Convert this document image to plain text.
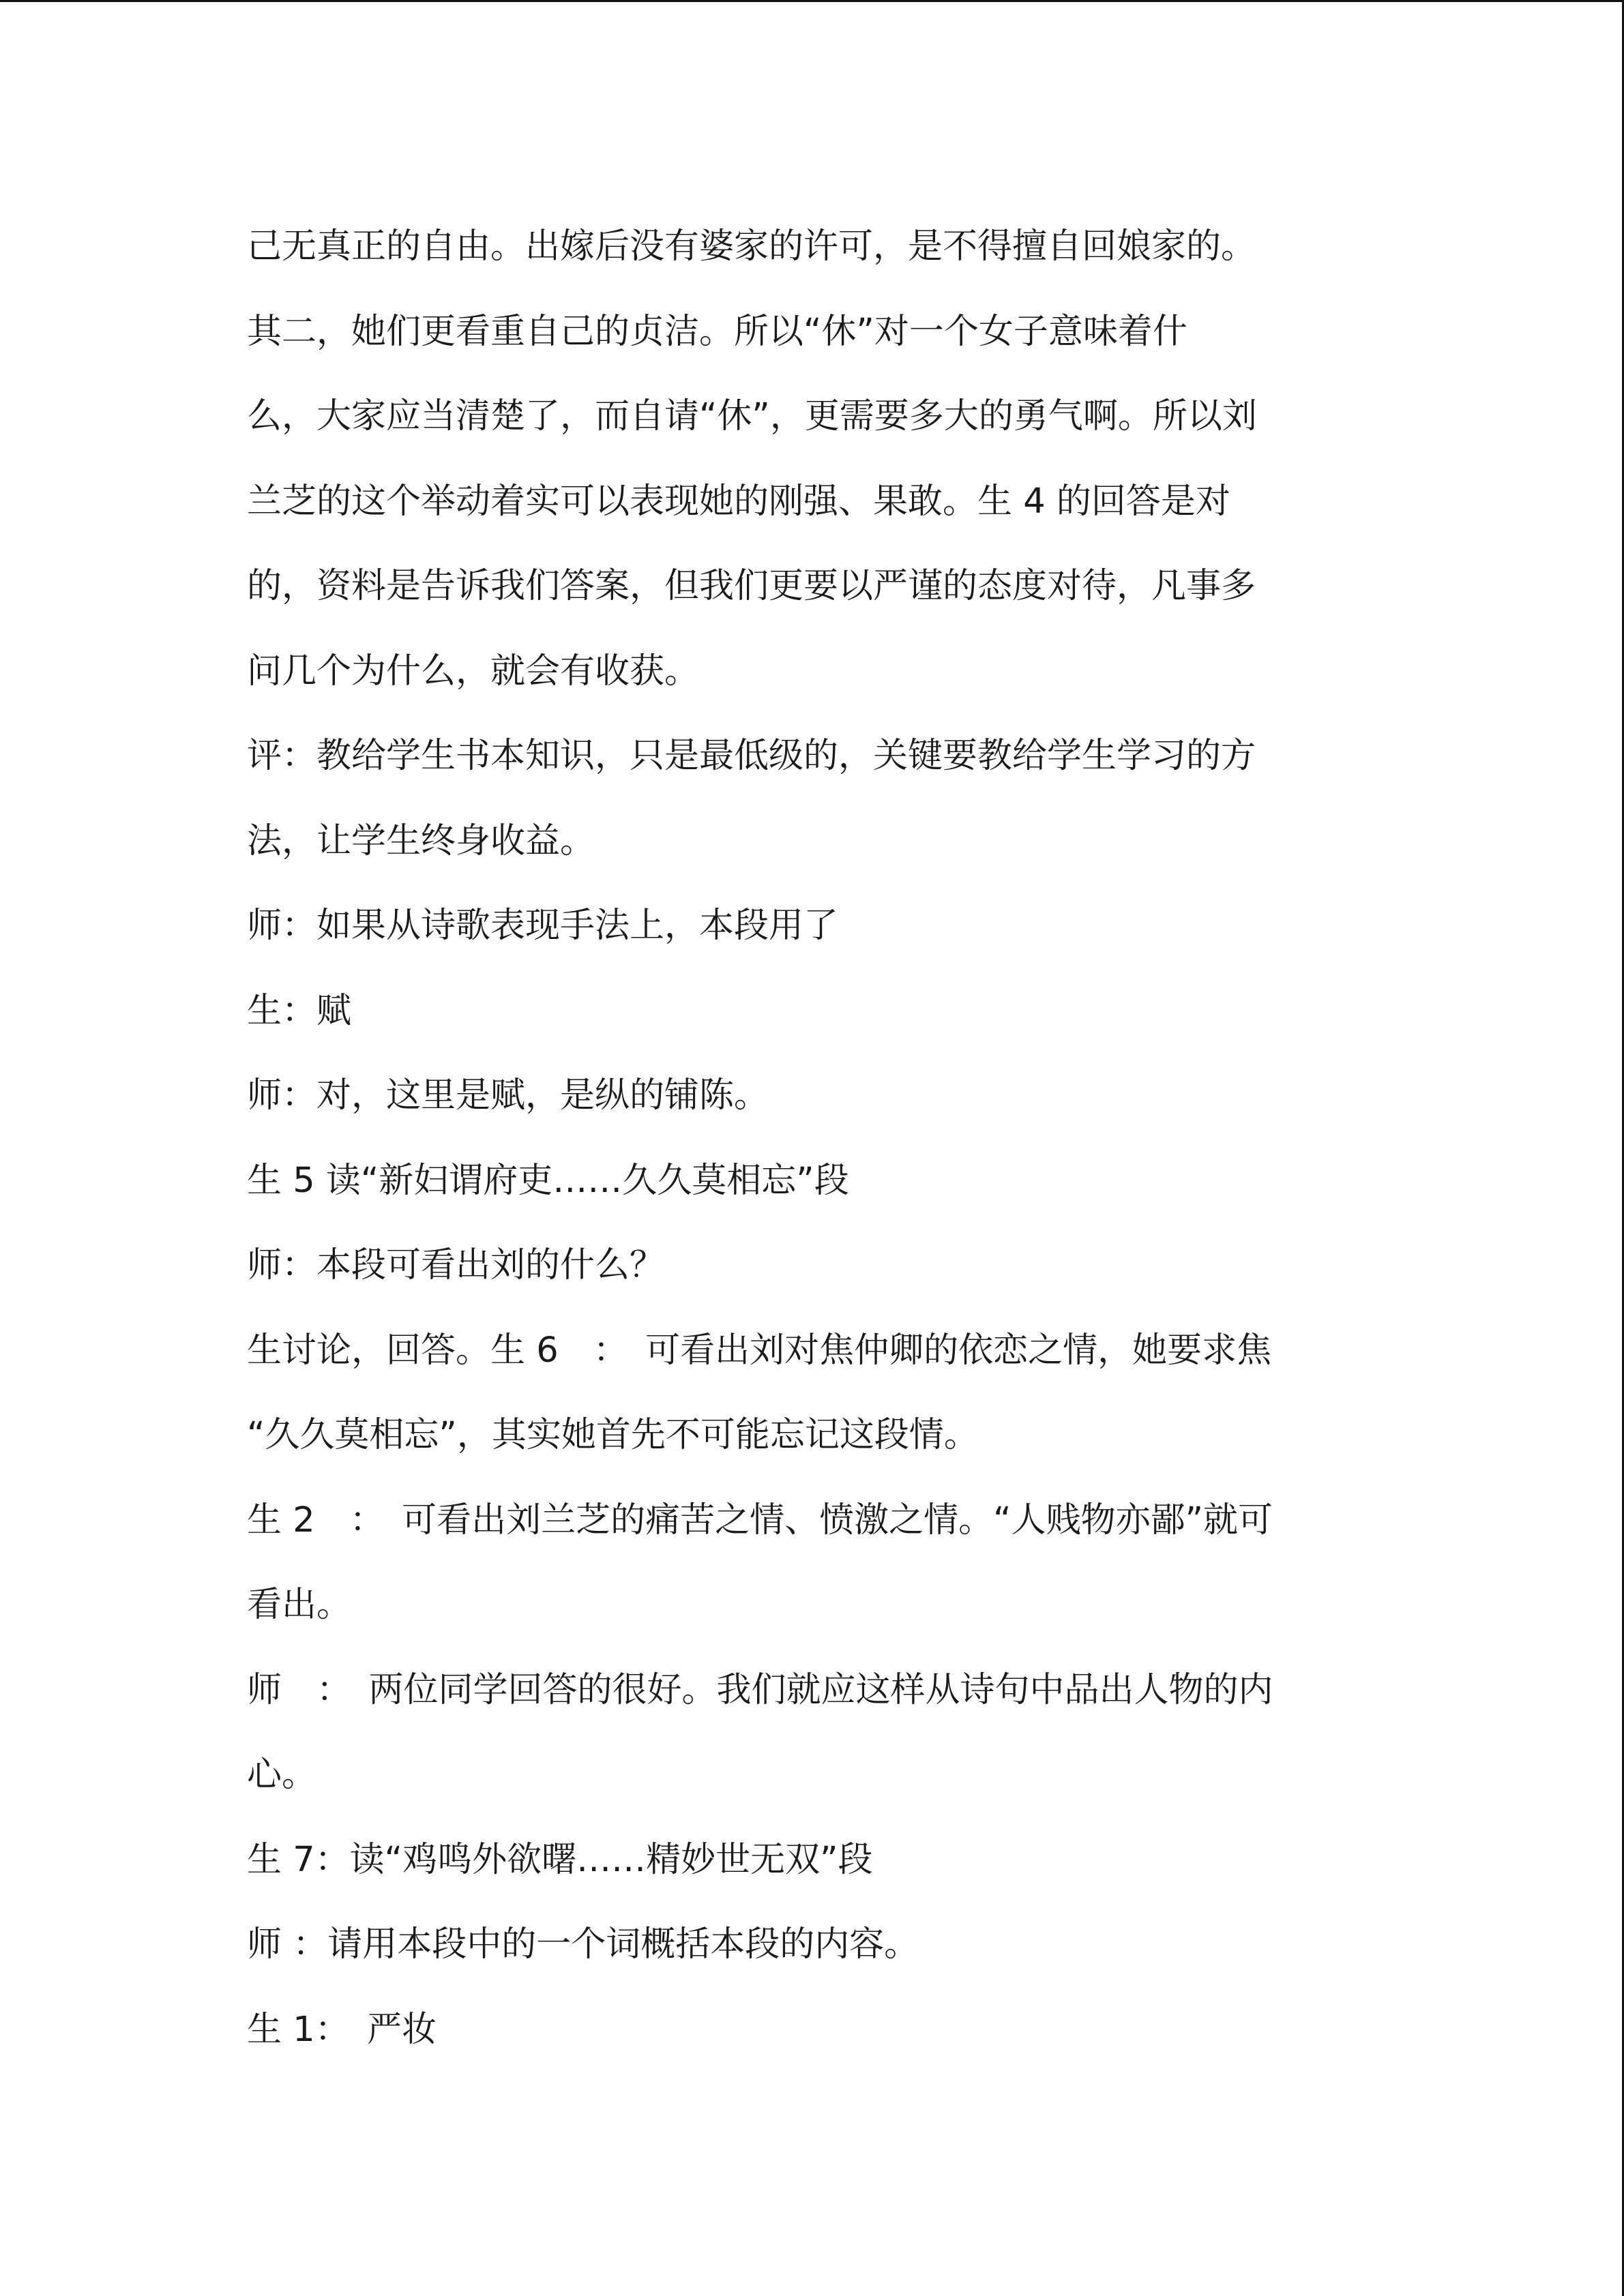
己无真正的自由。出嫁后没有婆家的许可，是不得擅自回娘家的。
其二，她们更看重自己的贞洁。所以“休”对一个女子意味着什
么，大家应当清楚了，而自请“休”，更需要多大的勇气啊。所以刘
兰芝的这个举动着实可以表现她的刚强、果敢。生 4 的回答是对
的，资料是告诉我们答案，但我们更要以严谨的态度对待，凡事多
问几个为什么，就会有收获。
评：教给学生书本知识，只是最低级的，关键要教给学生学习的方
法，让学生终身收益。
师：如果从诗歌表现手法上，本段用了
生：赋
师：对，这里是赋，是纵的铺陈。
生 5 读“新妇谓府吏……久久莫相忘”段
师：本段可看出刘的什么？
生讨论，回答。生 6　：　可看出刘对焦仲卿的依恋之情，她要求焦
“久久莫相忘”，其实她首先不可能忘记这段情。
生 2　：　可看出刘兰芝的痛苦之情、愤激之情。“人贱物亦鄙”就可
看出。
师　：　两位同学回答的很好。我们就应这样从诗句中品出人物的内
心。
生 7：读“鸡鸣外欲曙……精妙世无双”段
师 ：请用本段中的一个词概括本段的内容。
生 1：　严妆
